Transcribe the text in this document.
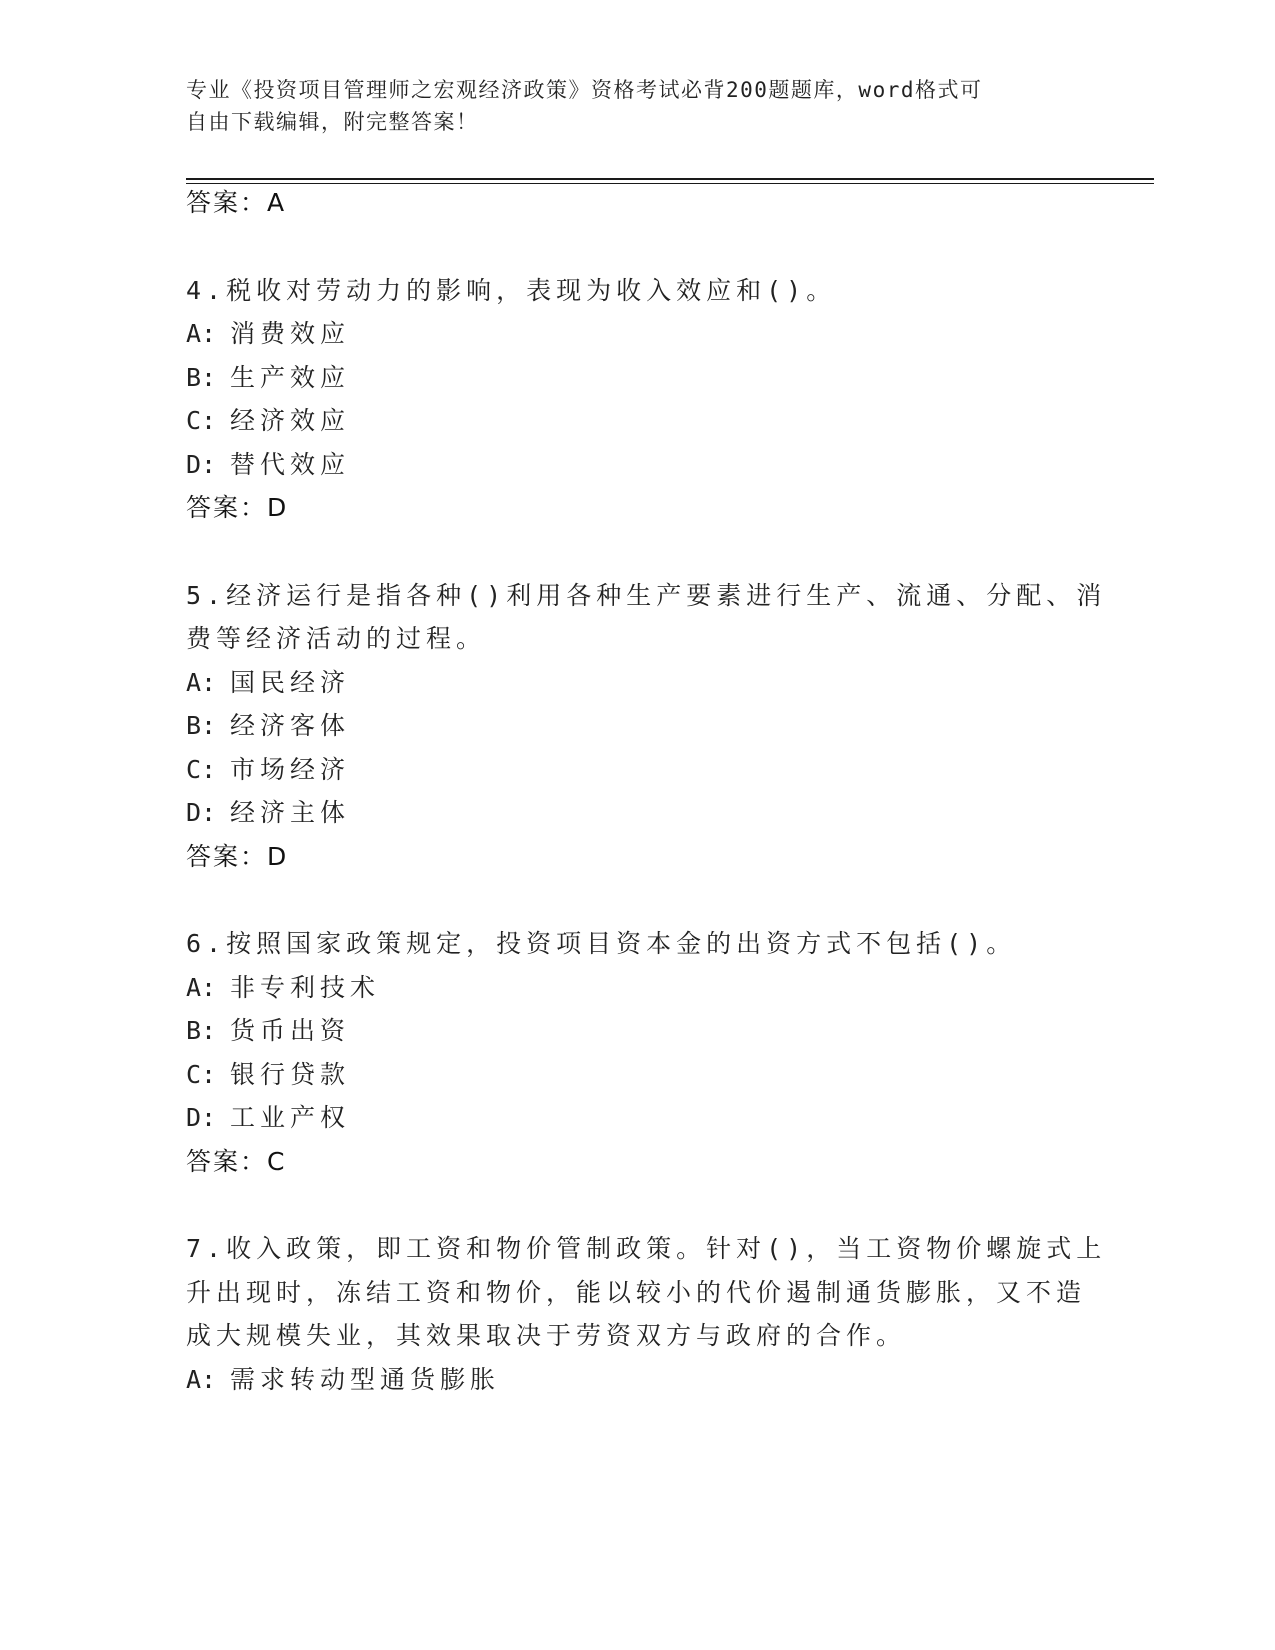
专业《投资项目管理师之宏观经济政策》资格考试必背200题题库，word格式可
自由下载编辑，附完整答案！
答案：A
4.税收对劳动力的影响，表现为收入效应和()。
A: 消费效应
B: 生产效应
C: 经济效应
D: 替代效应
答案：D
5.经济运行是指各种()利用各种生产要素进行生产、流通、分配、消
费等经济活动的过程。
A: 国民经济
B: 经济客体
C: 市场经济
D: 经济主体
答案：D
6.按照国家政策规定，投资项目资本金的出资方式不包括()。
A: 非专利技术
B: 货币出资
C: 银行贷款
D: 工业产权
答案：C
7.收入政策，即工资和物价管制政策。针对()，当工资物价螺旋式上
升出现时，冻结工资和物价，能以较小的代价遏制通货膨胀，又不造
成大规模失业，其效果取决于劳资双方与政府的合作。
A: 需求转动型通货膨胀
